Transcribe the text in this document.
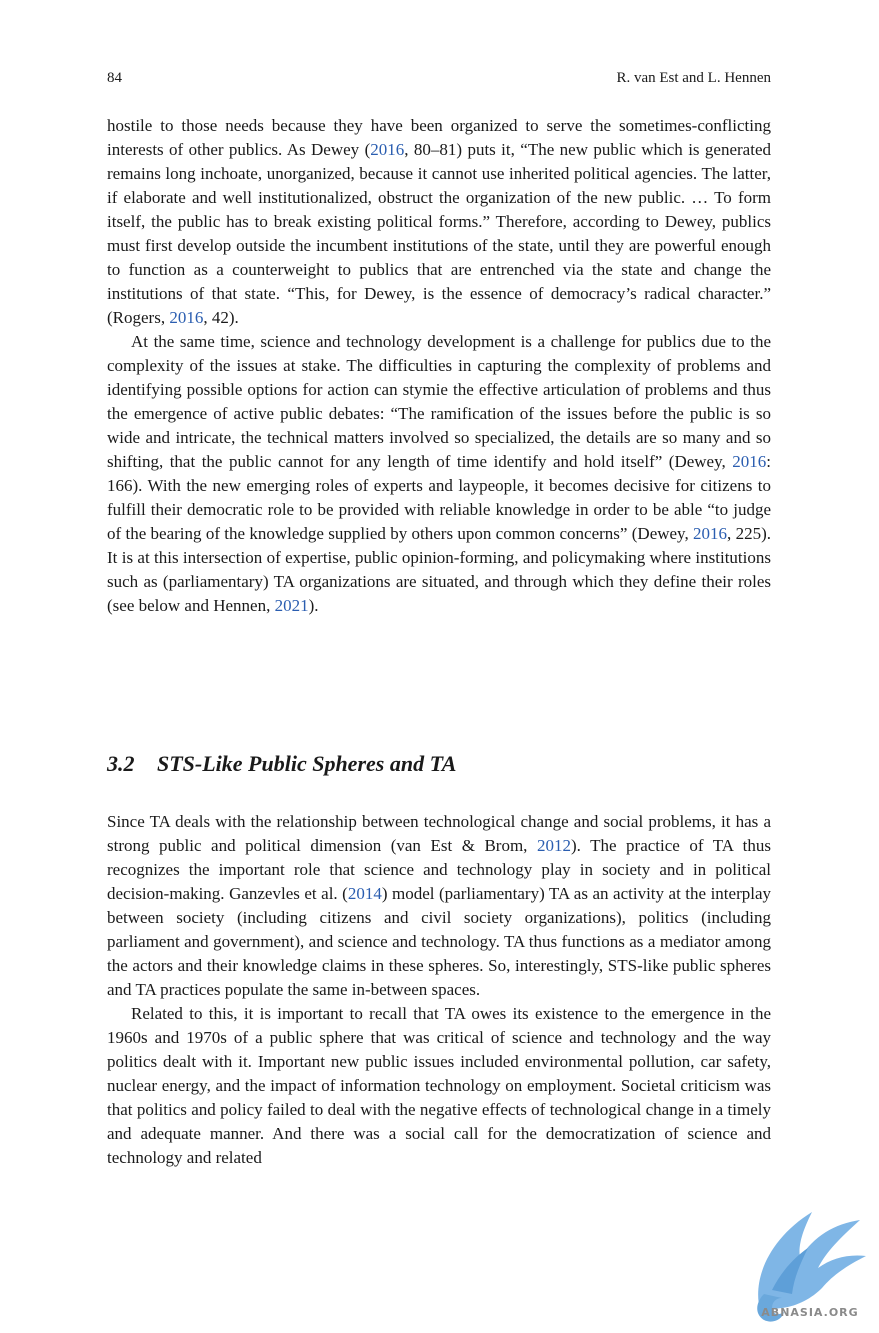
84	R. van Est and L. Hennen

hostile to those needs because they have been organized to serve the sometimes-conflicting interests of other publics. As Dewey (2016, 80–81) puts it, “The new public which is generated remains long inchoate, unorganized, because it cannot use inherited political agencies. The latter, if elaborate and well institutionalized, obstruct the organization of the new public. … To form itself, the public has to break existing political forms.” Therefore, according to Dewey, publics must first develop outside the incumbent institutions of the state, until they are powerful enough to function as a counterweight to publics that are entrenched via the state and change the institutions of that state. “This, for Dewey, is the essence of democracy’s radical character.” (Rogers, 2016, 42).

At the same time, science and technology development is a challenge for publics due to the complexity of the issues at stake. The difficulties in capturing the complexity of problems and identifying possible options for action can stymie the effective articulation of problems and thus the emergence of active public debates: “The ramification of the issues before the public is so wide and intricate, the technical matters involved so specialized, the details are so many and so shifting, that the public cannot for any length of time identify and hold itself” (Dewey, 2016: 166). With the new emerging roles of experts and laypeople, it becomes decisive for citizens to fulfill their democratic role to be provided with reliable knowledge in order to be able “to judge of the bearing of the knowledge supplied by others upon common concerns” (Dewey, 2016, 225). It is at this intersection of expertise, public opinion-forming, and policymaking where institutions such as (parliamentary) TA organizations are situated, and through which they define their roles (see below and Hennen, 2021).

3.2 STS-Like Public Spheres and TA

Since TA deals with the relationship between technological change and social problems, it has a strong public and political dimension (van Est & Brom, 2012). The practice of TA thus recognizes the important role that science and technology play in society and in political decision-making. Ganzevles et al. (2014) model (parliamentary) TA as an activity at the interplay between society (including citizens and civil society organizations), politics (including parliament and government), and science and technology. TA thus functions as a mediator among the actors and their knowledge claims in these spheres. So, interestingly, STS-like public spheres and TA practices populate the same in-between spaces.

Related to this, it is important to recall that TA owes its existence to the emergence in the 1960s and 1970s of a public sphere that was critical of science and technology and the way politics dealt with it. Important new public issues included environmental pollution, car safety, nuclear energy, and the impact of information technology on employment. Societal criticism was that politics and policy failed to deal with the negative effects of technological change in a timely and adequate manner. And there was a social call for the democratization of science and technology and related

ABNASIA.ORG
